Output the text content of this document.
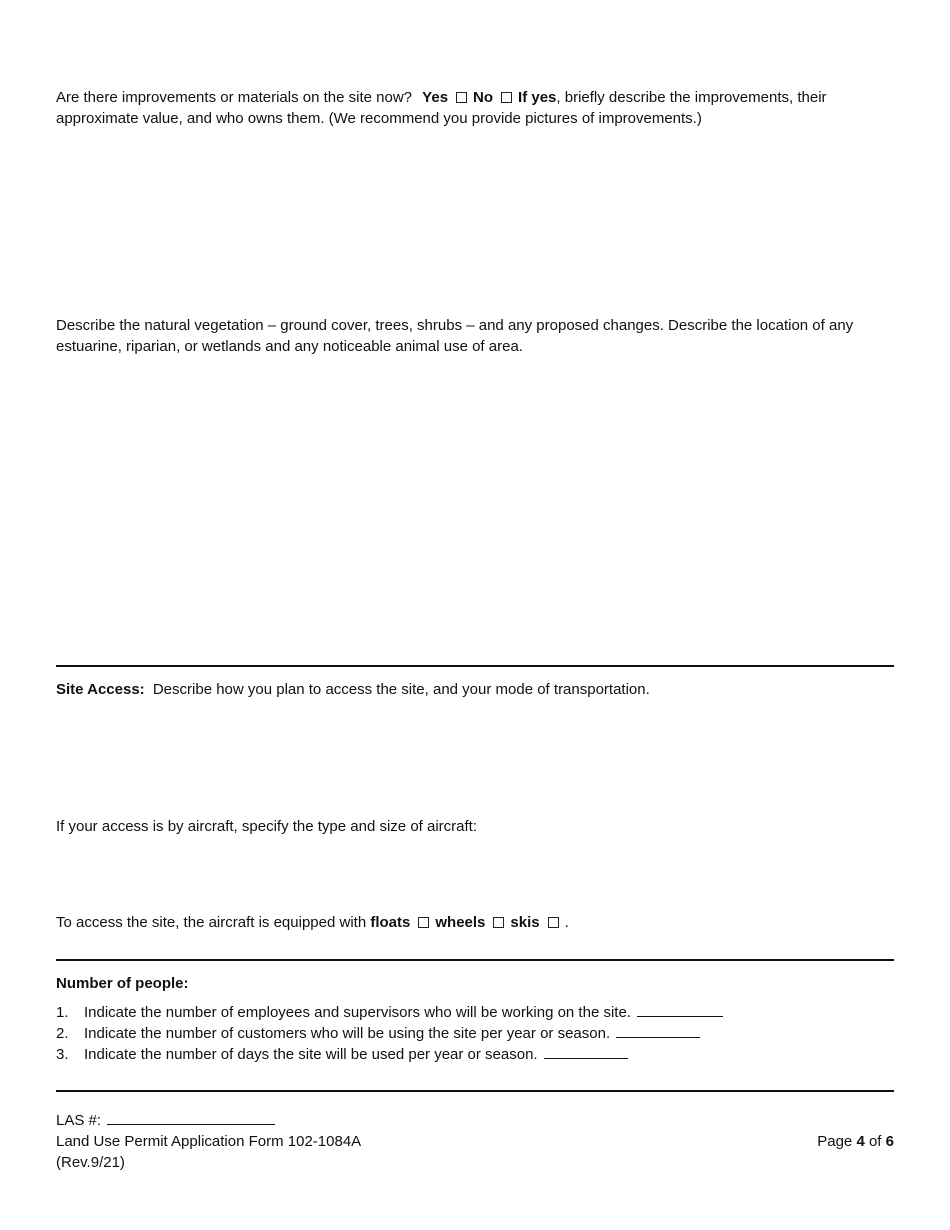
Are there improvements or materials on the site now? Yes No If yes, briefly describe the improvements, their approximate value, and who owns them. (We recommend you provide pictures of improvements.)
Describe the natural vegetation – ground cover, trees, shrubs – and any proposed changes. Describe the location of any estuarine, riparian, or wetlands and any noticeable animal use of area.
Site Access: Describe how you plan to access the site, and your mode of transportation.
If your access is by aircraft, specify the type and size of aircraft:
To access the site, the aircraft is equipped with floats wheels skis .
Number of people:
1. Indicate the number of employees and supervisors who will be working on the site.
2. Indicate the number of customers who will be using the site per year or season.
3. Indicate the number of days the site will be used per year or season.
LAS #:
Land Use Permit Application Form 102-1084A
(Rev.9/21)
Page 4 of 6
